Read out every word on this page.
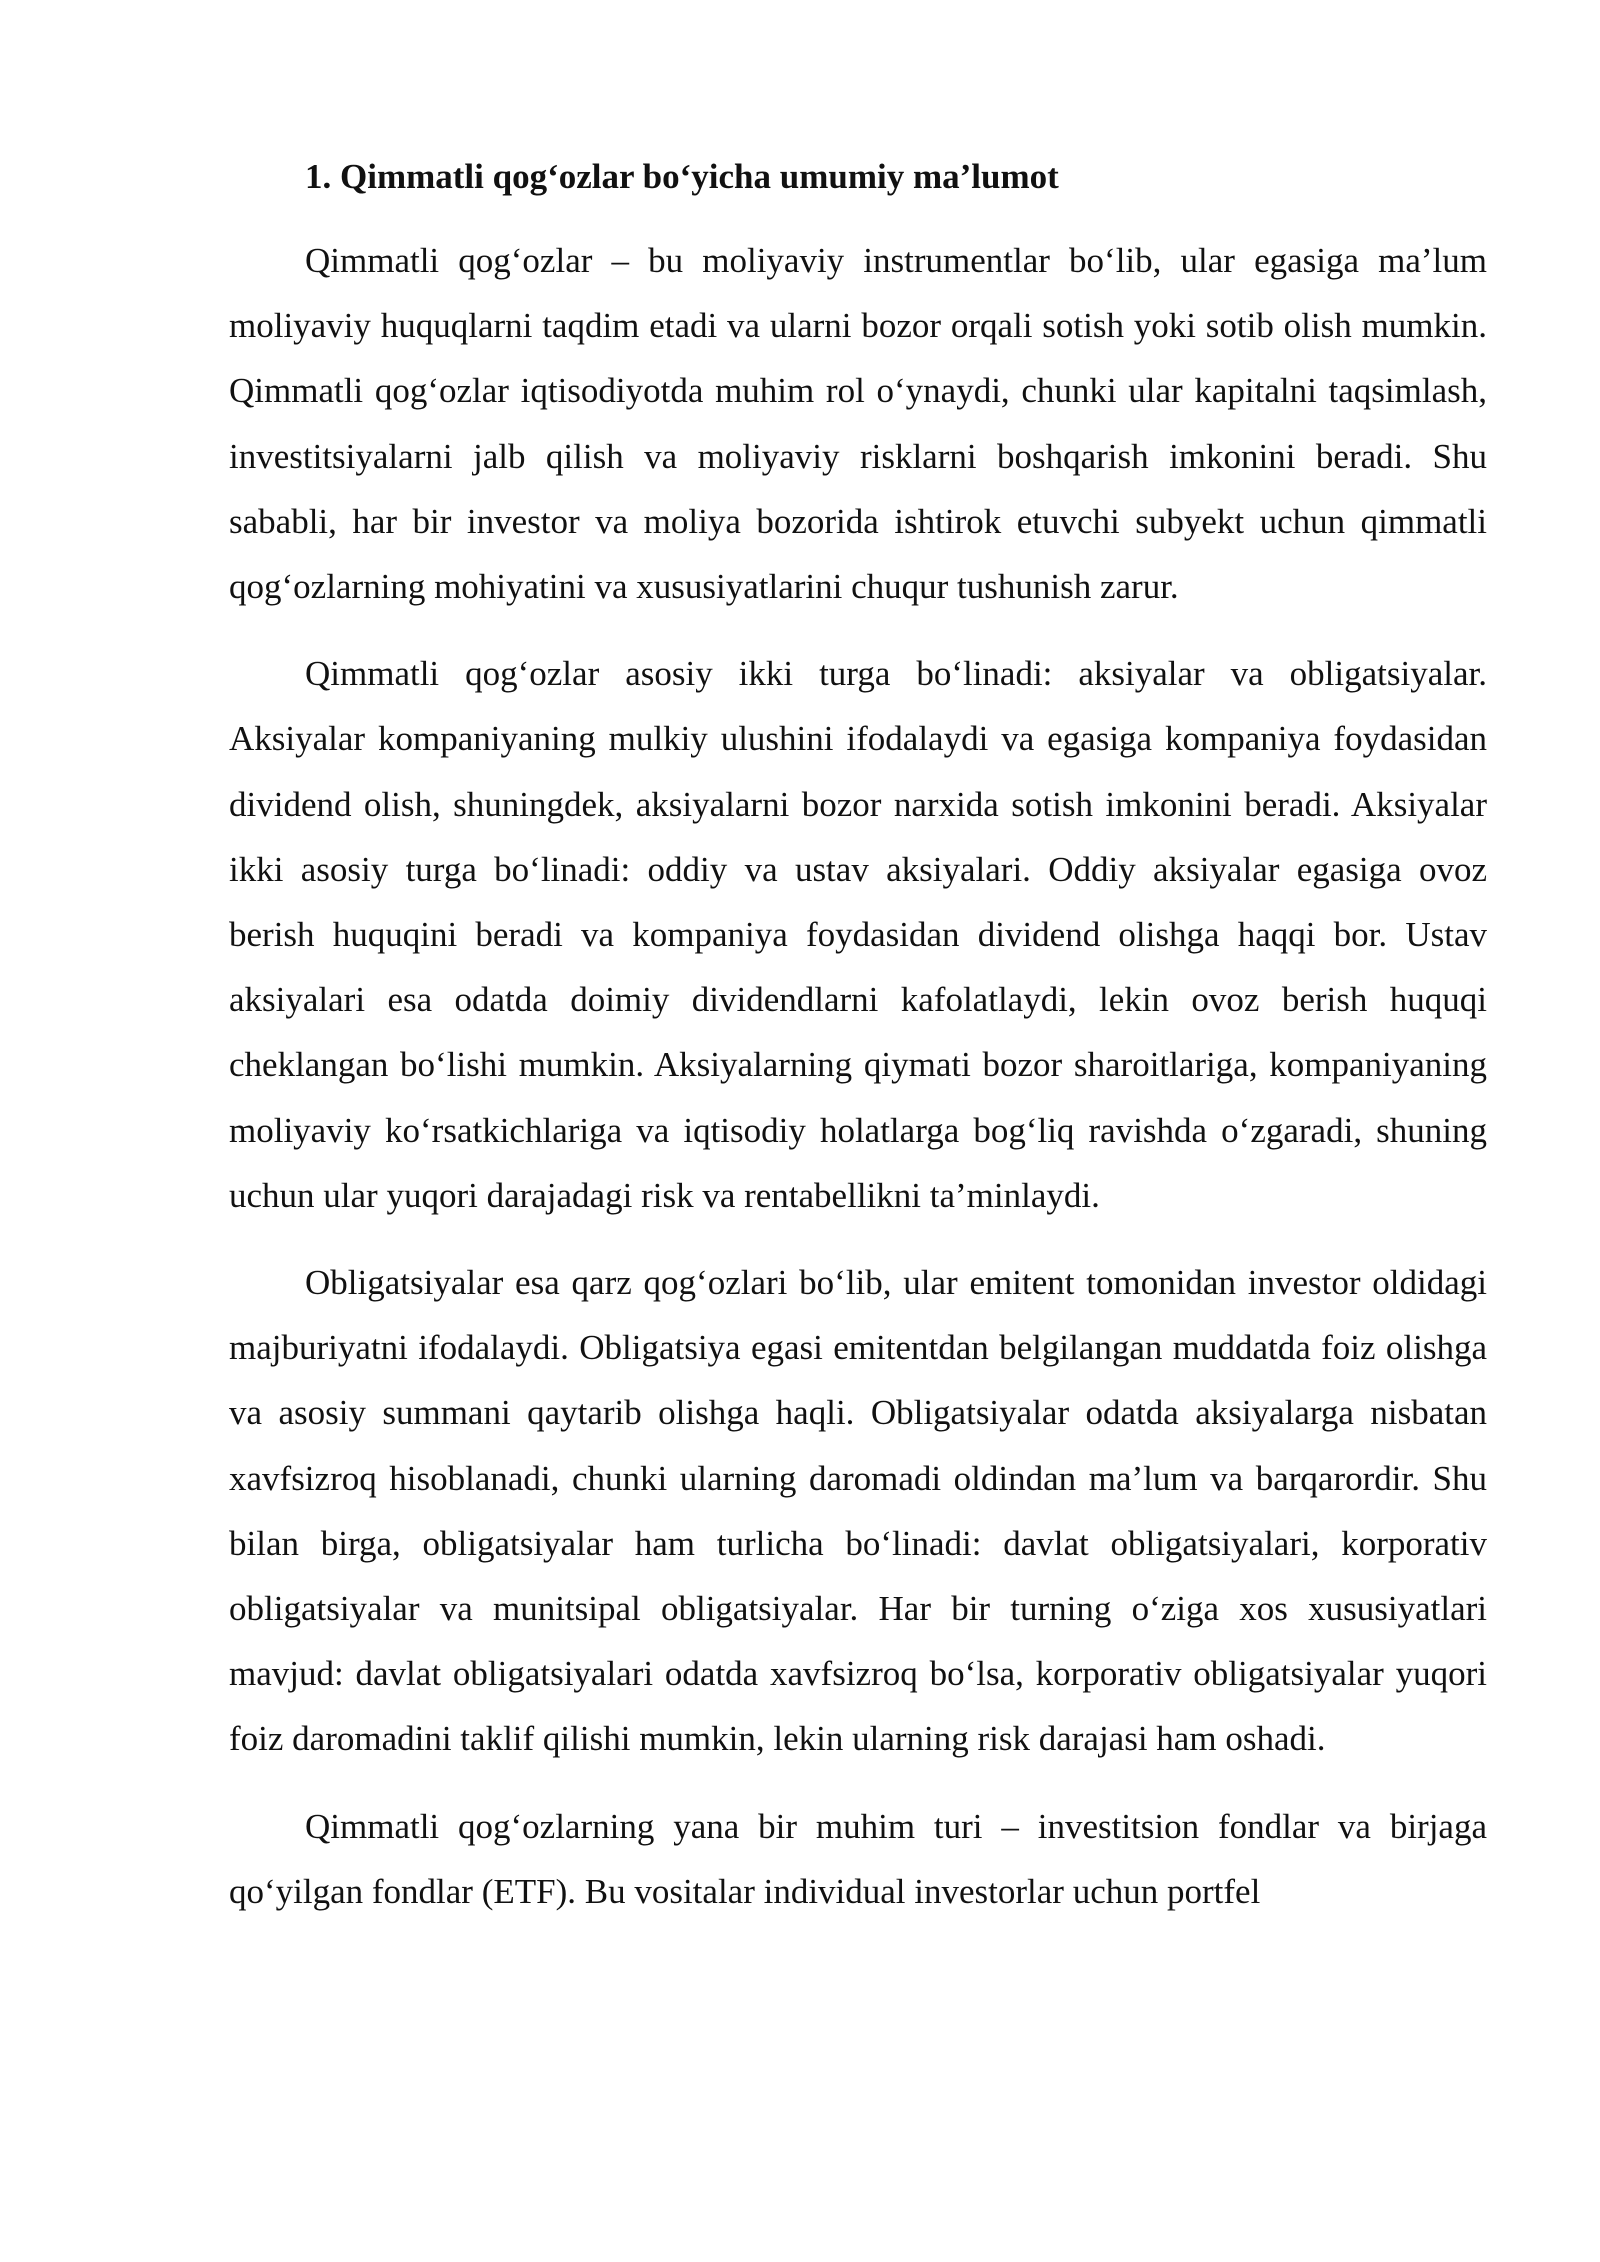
1. Qimmatli qog‘ozlar bo‘yicha umumiy ma’lumot

Qimmatli qog‘ozlar – bu moliyaviy instrumentlar bo‘lib, ular egasiga ma’lum moliyaviy huquqlarni taqdim etadi va ularni bozor orqali sotish yoki sotib olish mumkin. Qimmatli qog‘ozlar iqtisodiyotda muhim rol o‘ynaydi, chunki ular kapitalni taqsimlash, investitsiyalarni jalb qilish va moliyaviy risklarni boshqarish imkonini beradi. Shu sababli, har bir investor va moliya bozorida ishtirok etuvchi subyekt uchun qimmatli qog‘ozlarning mohiyatini va xususiyatlarini chuqur tushunish zarur.

Qimmatli qog‘ozlar asosiy ikki turga bo‘linadi: aksiyalar va obligatsiyalar. Aksiyalar kompaniyaning mulkiy ulushini ifodalaydi va egasiga kompaniya foydasidan dividend olish, shuningdek, aksiyalarni bozor narxida sotish imkonini beradi. Aksiyalar ikki asosiy turga bo‘linadi: oddiy va ustav aksiyalari. Oddiy aksiyalar egasiga ovoz berish huquqini beradi va kompaniya foydasidan dividend olishga haqqi bor. Ustav aksiyalari esa odatda doimiy dividendlarni kafolatlaydi, lekin ovoz berish huquqi cheklangan bo‘lishi mumkin. Aksiyalarning qiymati bozor sharoitlariga, kompaniyaning moliyaviy ko‘rsatkichlariga va iqtisodiy holatlarga bog‘liq ravishda o‘zgaradi, shuning uchun ular yuqori darajadagi risk va rentabellikni ta’minlaydi.

Obligatsiyalar esa qarz qog‘ozlari bo‘lib, ular emitent tomonidan investor oldidagi majburiyatni ifodalaydi. Obligatsiya egasi emitentdan belgilangan muddatda foiz olishga va asosiy summani qaytarib olishga haqli. Obligatsiyalar odatda aksiyalarga nisbatan xavfsizroq hisoblanadi, chunki ularning daromadi oldindan ma’lum va barqarordir. Shu bilan birga, obligatsiyalar ham turlicha bo‘linadi: davlat obligatsiyalari, korporativ obligatsiyalar va munitsipal obligatsiyalar. Har bir turning o‘ziga xos xususiyatlari mavjud: davlat obligatsiyalari odatda xavfsizroq bo‘lsa, korporativ obligatsiyalar yuqori foiz daromadini taklif qilishi mumkin, lekin ularning risk darajasi ham oshadi.

Qimmatli qog‘ozlarning yana bir muhim turi – investitsion fondlar va birjaga qo‘yilgan fondlar (ETF). Bu vositalar individual investorlar uchun portfel
